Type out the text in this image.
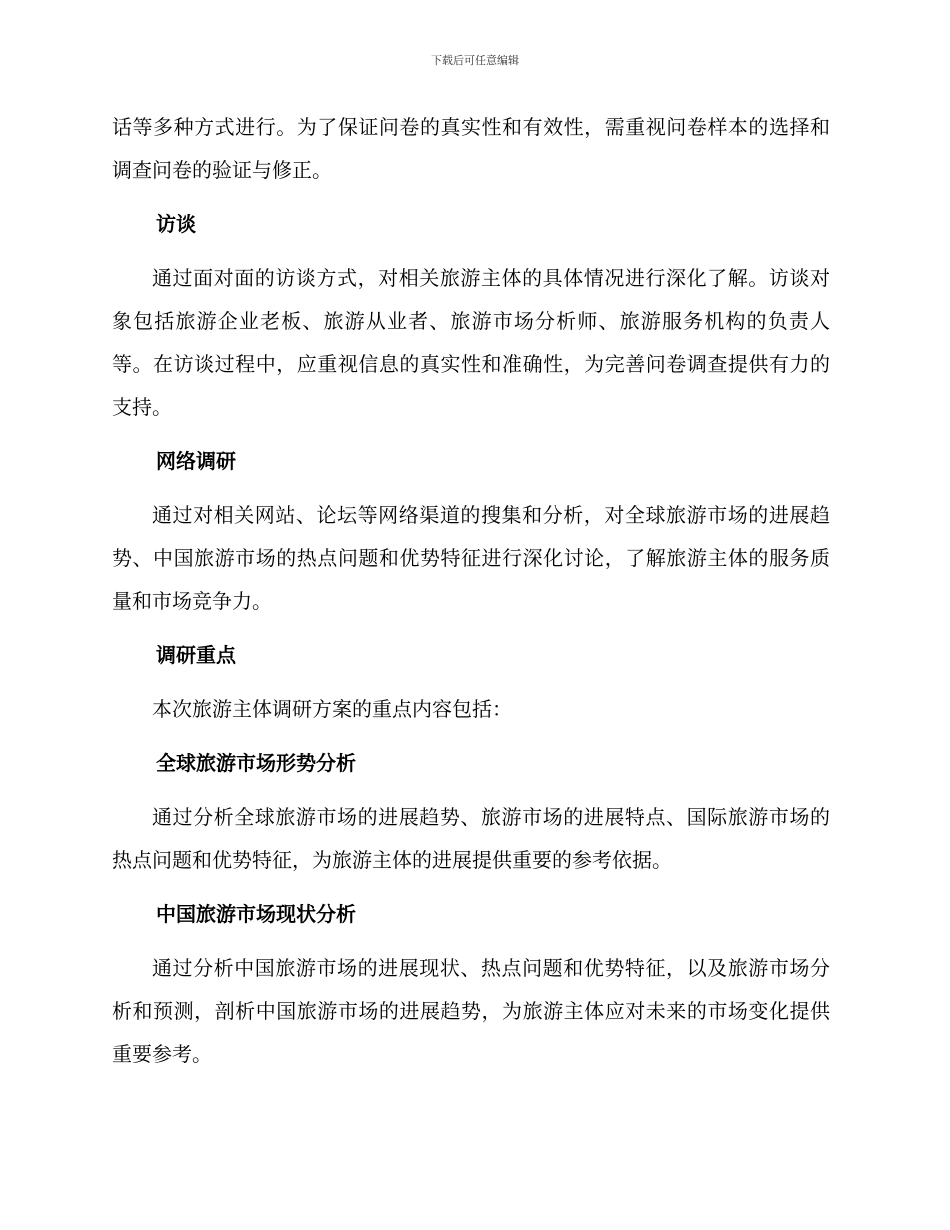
下载后可任意编辑

话等多种方式进行。为了保证问卷的真实性和有效性，需重视问卷样本的选择和调查问卷的验证与修正。

访谈

通过面对面的访谈方式，对相关旅游主体的具体情况进行深化了解。访谈对象包括旅游企业老板、旅游从业者、旅游市场分析师、旅游服务机构的负责人等。在访谈过程中，应重视信息的真实性和准确性，为完善问卷调查提供有力的支持。

网络调研

通过对相关网站、论坛等网络渠道的搜集和分析，对全球旅游市场的进展趋势、中国旅游市场的热点问题和优势特征进行深化讨论，了解旅游主体的服务质量和市场竞争力。

调研重点

本次旅游主体调研方案的重点内容包括：

全球旅游市场形势分析

通过分析全球旅游市场的进展趋势、旅游市场的进展特点、国际旅游市场的热点问题和优势特征，为旅游主体的进展提供重要的参考依据。

中国旅游市场现状分析

通过分析中国旅游市场的进展现状、热点问题和优势特征，以及旅游市场分析和预测，剖析中国旅游市场的进展趋势，为旅游主体应对未来的市场变化提供重要参考。
